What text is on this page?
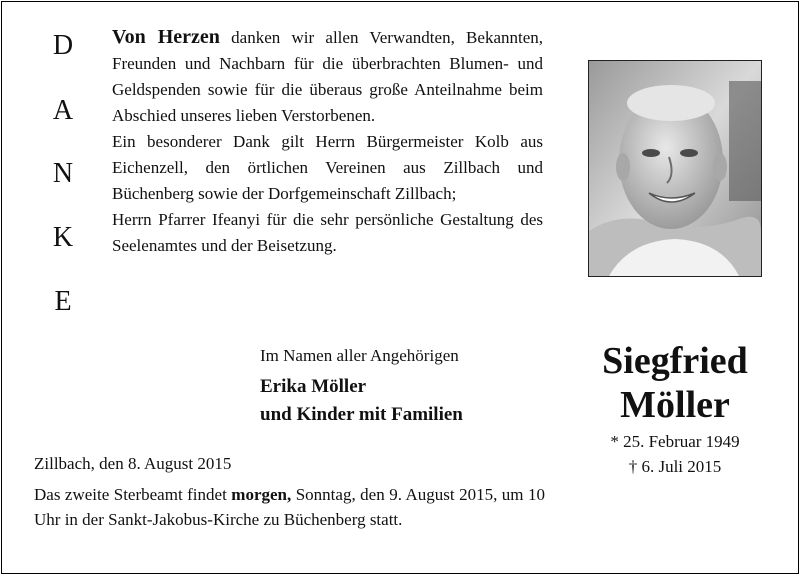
D
A
N
K
E

Von Herzen danken wir allen Verwandten, Bekannten, Freunden und Nachbarn für die überbrachten Blumen- und Geldspenden sowie für die überaus große Anteilnahme beim Abschied unseres lieben Verstorbenen.

Ein besonderer Dank gilt Herrn Bürgermeister Kolb aus Eichenzell, den örtlichen Vereinen aus Zillbach und Büchenberg sowie der Dorfgemeinschaft Zillbach;

Herrn Pfarrer Ifeanyi für die sehr persönliche Gestaltung des Seelenamtes und der Beisetzung.

Im Namen aller Angehörigen
Erika Möller
und Kinder mit Familien
Siegfried
Möller
* 25. Februar 1949
† 6. Juli 2015
Zillbach, den 8. August 2015
Das zweite Sterbeamt findet morgen, Sonntag, den 9. August 2015, um 10 Uhr in der Sankt-Jakobus-Kirche zu Büchenberg statt.
